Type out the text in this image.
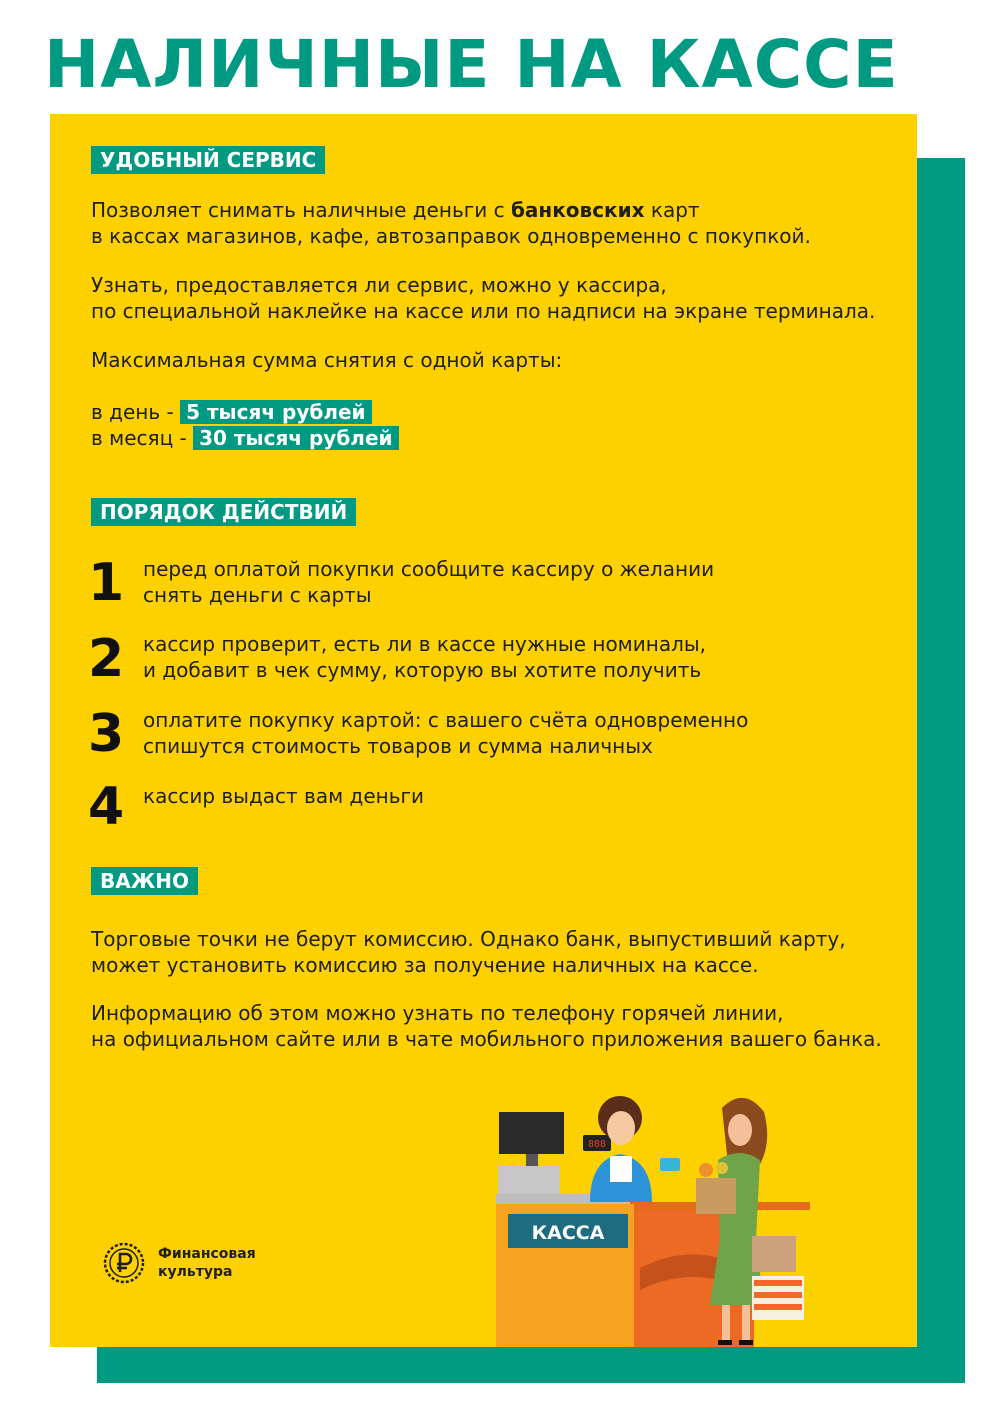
НАЛИЧНЫЕ НА КАССЕ
УДОБНЫЙ СЕРВИС
Позволяет снимать наличные деньги с банковских карт
в кассах магазинов, кафе, автозаправок одновременно с покупкой.
Узнать, предоставляется ли сервис, можно у кассира,
по специальной наклейке на кассе или по надписи на экране терминала.
Максимальная сумма снятия с одной карты:
в день - 5 тысяч рублей
в месяц - 30 тысяч рублей
ПОРЯДОК ДЕЙСТВИЙ
1 перед оплатой покупки сообщите кассиру о желании
снять деньги с карты
2 кассир проверит, есть ли в кассе нужные номиналы,
и добавит в чек сумму, которую вы хотите получить
3 оплатите покупку картой: с вашего счёта одновременно
спишутся стоимость товаров и сумма наличных
4 кассир выдаст вам деньги
ВАЖНО
Торговые точки не берут комиссию. Однако банк, выпустивший карту,
может установить комиссию за получение наличных на кассе.
Информацию об этом можно узнать по телефону горячей линии,
на официальном сайте или в чате мобильного приложения вашего банка.
Финансовая
культура
КАССА
888
